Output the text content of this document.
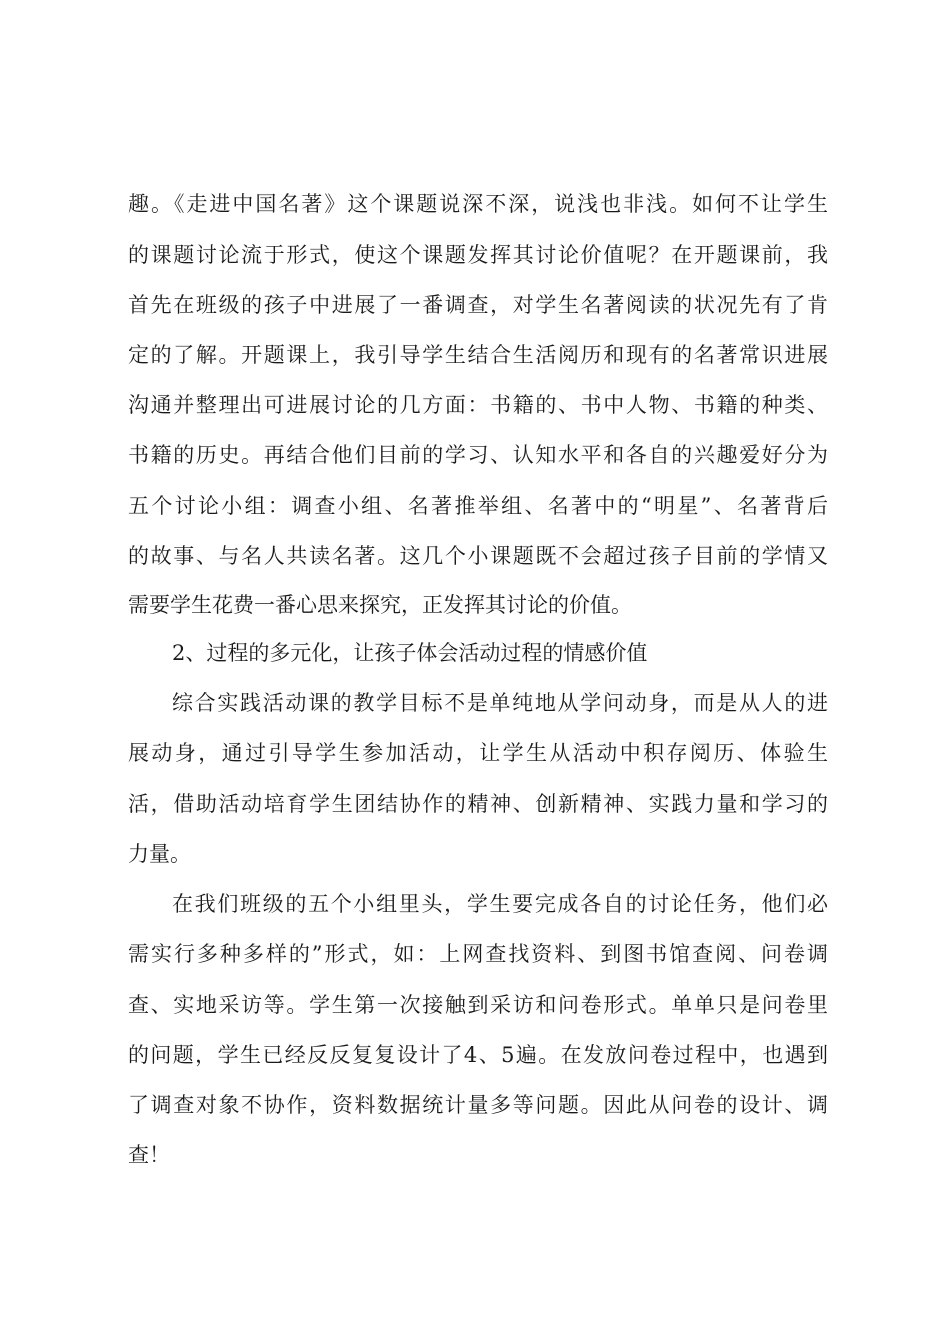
趣。《走进中国名著》这个课题说深不深，说浅也非浅。如何不让学生
的课题讨论流于形式，使这个课题发挥其讨论价值呢？在开题课前，我
首先在班级的孩子中进展了一番调查，对学生名著阅读的状况先有了肯
定的了解。开题课上，我引导学生结合生活阅历和现有的名著常识进展
沟通并整理出可进展讨论的几方面：书籍的、书中人物、书籍的种类、
书籍的历史。再结合他们目前的学习、认知水平和各自的兴趣爱好分为
五个讨论小组：调查小组、名著推举组、名著中的“明星”、名著背后
的故事、与名人共读名著。这几个小课题既不会超过孩子目前的学情又
需要学生花费一番心思来探究，正发挥其讨论的价值。
2、过程的多元化，让孩子体会活动过程的情感价值
综合实践活动课的教学目标不是单纯地从学问动身，而是从人的进
展动身，通过引导学生参加活动，让学生从活动中积存阅历、体验生
活，借助活动培育学生团结协作的精神、创新精神、实践力量和学习的
力量。
在我们班级的五个小组里头，学生要完成各自的讨论任务，他们必
需实行多种多样的”形式，如：上网查找资料、到图书馆查阅、问卷调
查、实地采访等。学生第一次接触到采访和问卷形式。单单只是问卷里
的问题，学生已经反反复复设计了4、5遍。在发放问卷过程中，也遇到
了调查对象不协作，资料数据统计量多等问题。因此从问卷的设计、调
查！
